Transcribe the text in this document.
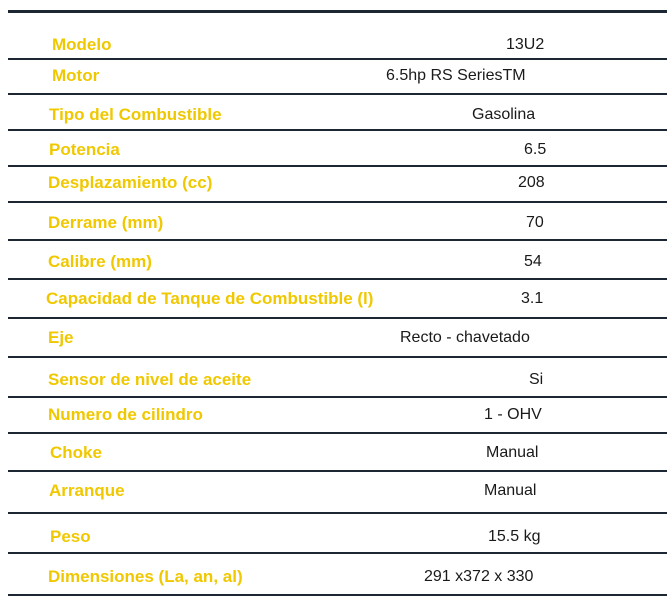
Modelo	13U2
Motor	6.5hp RS SeriesTM
Tipo del Combustible	Gasolina
Potencia	6.5
Desplazamiento (cc)	208
Derrame (mm)	70
Calibre (mm)	54
Capacidad de Tanque de Combustible (l)	3.1
Eje	Recto - chavetado
Sensor de nivel de aceite	Si
Numero de cilindro	1 - OHV
Choke	Manual
Arranque	Manual
Peso	15.5 kg
Dimensiones (La, an, al)	291 x372 x 330
